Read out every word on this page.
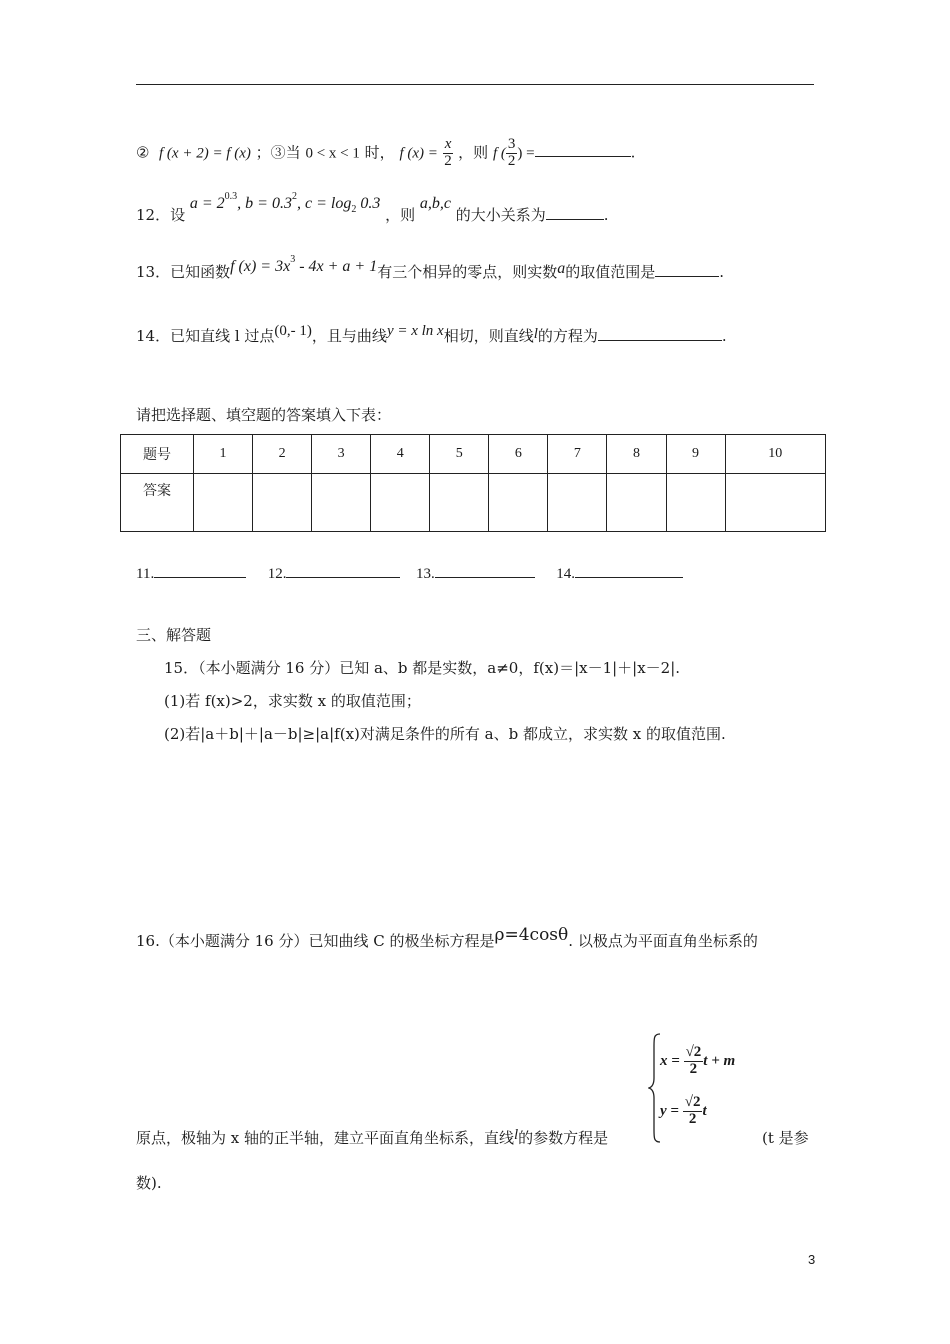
② f (x + 2) = f (x) ；③当 0 < x < 1 时， f $(x) = \frac{x}{2}$ ，则 f ( $\frac{3}{2}$ ) =	.
12．设 $a = 2^{0.3}$, $b = 0.3^2$, $c = \log_2 0.3$ ，则 a,b,c 的大小关系为	.
13．已知函数f $(x) = 3x^3 - 4x + a + 1$有三个相异的零点，则实数a的取值范围是	.
14．已知直线 l 过点(0,- 1)，且与曲线y = x ln x相切，则直线l的方程为	.
请把选择题、填空题的答案填入下表：
题号	1	2	3	4	5	6	7	8	9	10
答案										
11.	12.	13.	14.
三、解答题
15．（本小题满分 16 分）已知 a、b 都是实数，a≠0，f(x)＝|x－1|＋|x－2|.
(1)若 f(x)>2，求实数 x 的取值范围；
(2)若|a＋b|＋|a－b|≥|a|f(x)对满足条件的所有 a、b 都成立，求实数 x 的取值范围.
16.（本小题满分 16 分）已知曲线 C 的极坐标方程是ρ=4cosθ. 以极点为平面直角坐标系的
x =
$\frac{√2}{2}$ t + m
y =
$\frac{√2}{2}$ t
原点，极轴为 x 轴的正半轴，建立平面直角坐标系，直线l的参数方程是	(t 是参
数).
3
